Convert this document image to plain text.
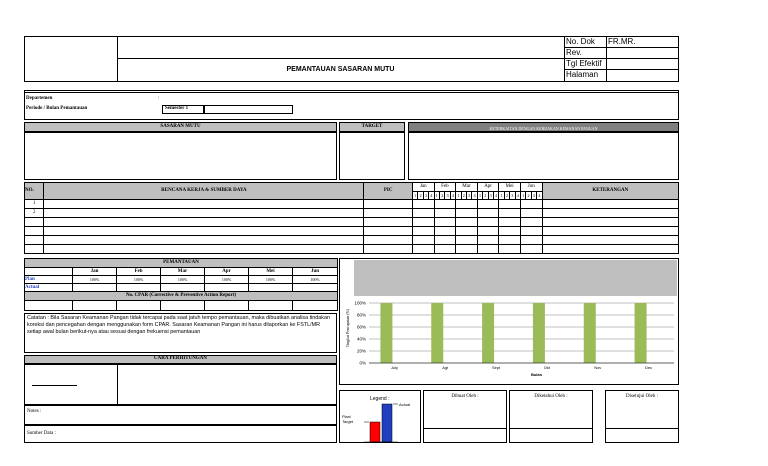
No. Dok FR.MR.
Rev.
Tgl Efektif
Halaman
PEMANTAUAN SASARAN MUTU
Departemen	:
Periode / Bulan Pemantauan	Semester 1
SASARAN MUTU	TARGET	KETERKAITAN DENGAN KEBIJAKAN KEMANAN PANGAN
NO.	RENCANA KERJA & SUMBER DAYA	PIC	Jan				Feb				Mar				Apr				Mei				Jun				KETERANGAN
			1	2	3	4	1	2	3	4	1	2	3	4	1	2	3	4	1	2	3	4	1	2	3	4	
1																											
2																											

PEMANTAUAN						
	Jan	Feb	Mar	Apr	Mei	Jun
Plan	100%	100%	100%	100%	100%	100%
Actual						
No. CPAR (Corrective & Preventive Action Report)						

Catatan : Bila Sasaran Keamanan Pangan tidak tercapai pada saat jatuh tempo pemantauan, maka dibuatkan analisa tindakan koreksi dan pencegahan dengan menggunakan form CPAR. Sasaran Keamanan Pangan ini harus dilaporkan ke FSTL/MR setiap awal bulan berikut-nya atau sesuai dengan frekuensi pemantauan
CARA PERHITUNGAN
Notes :
Sumber Data :
Tingkat Pencapaian (%)
100%
80%
60%
40%
20%
0%
July	Agt	Sept	Okt	Nov	Dec
Bulan
Legend :
Actual
Plan/ Target
Dibuat Oleh :	Diketahui Oleh :	Disetujui Oleh :
